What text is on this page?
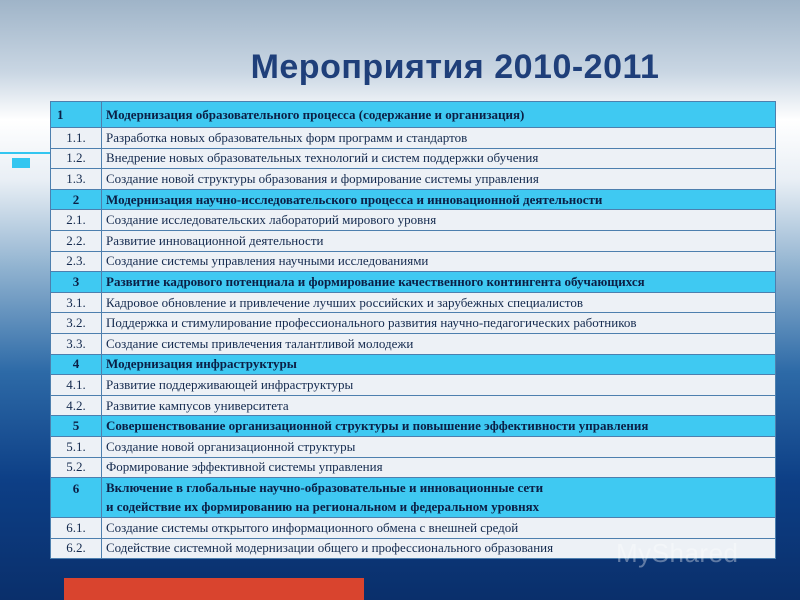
Мероприятия 2010-2011
1	Модернизация образовательного процесса (содержание и организация)
1.1.	Разработка новых образовательных форм программ и стандартов
1.2.	Внедрение новых образовательных технологий и систем поддержки обучения
1.3.	Создание новой структуры образования и формирование системы управления
2	Модернизация научно-исследовательского процесса и инновационной деятельности
2.1.	Создание исследовательских лабораторий мирового уровня
2.2.	Развитие инновационной деятельности
2.3.	Создание системы управления научными исследованиями
3	Развитие кадрового потенциала и формирование качественного контингента обучающихся
3.1.	Кадровое обновление и привлечение лучших российских и зарубежных специалистов
3.2.	Поддержка и стимулирование профессионального развития научно-педагогических работников
3.3.	Создание системы привлечения талантливой молодежи
4	Модернизация инфраструктуры
4.1.	Развитие поддерживающей инфраструктуры
4.2.	Развитие кампусов университета
5	Совершенствование организационной структуры и повышение эффективности управления
5.1.	Создание новой организационной структуры
5.2.	Формирование эффективной системы управления
6	Включение в глобальные научно-образовательные и инновационные сети
и содействие их формированию на региональном и федеральном уровнях

6.1.	Создание системы открытого информационного обмена с внешней средой
6.2.	Содействие системной модернизации общего и профессионального образования MyShared
